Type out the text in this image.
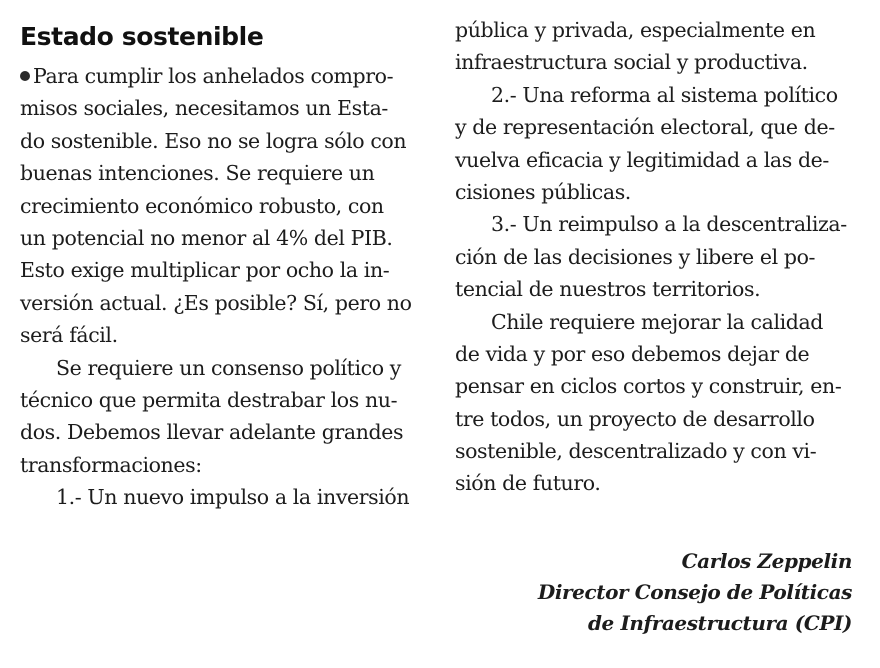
Estado sostenible
Para cumplir los anhelados compro-
misos sociales, necesitamos un Esta-
do sostenible. Eso no se logra sólo con
buenas intenciones. Se requiere un
crecimiento económico robusto, con
un potencial no menor al 4% del PIB.
Esto exige multiplicar por ocho la in-
versión actual. ¿Es posible? Sí, pero no
será fácil.
Se requiere un consenso político y
técnico que permita destrabar los nu-
dos. Debemos llevar adelante grandes
transformaciones:
1.- Un nuevo impulso a la inversión
pública y privada, especialmente en
infraestructura social y productiva.
2.- Una reforma al sistema político
y de representación electoral, que de-
vuelva eficacia y legitimidad a las de-
cisiones públicas.
3.- Un reimpulso a la descentraliza-
ción de las decisiones y libere el po-
tencial de nuestros territorios.
Chile requiere mejorar la calidad
de vida y por eso debemos dejar de
pensar en ciclos cortos y construir, en-
tre todos, un proyecto de desarrollo
sostenible, descentralizado y con vi-
sión de futuro.
Carlos Zeppelin
Director Consejo de Políticas
de Infraestructura (CPI)
